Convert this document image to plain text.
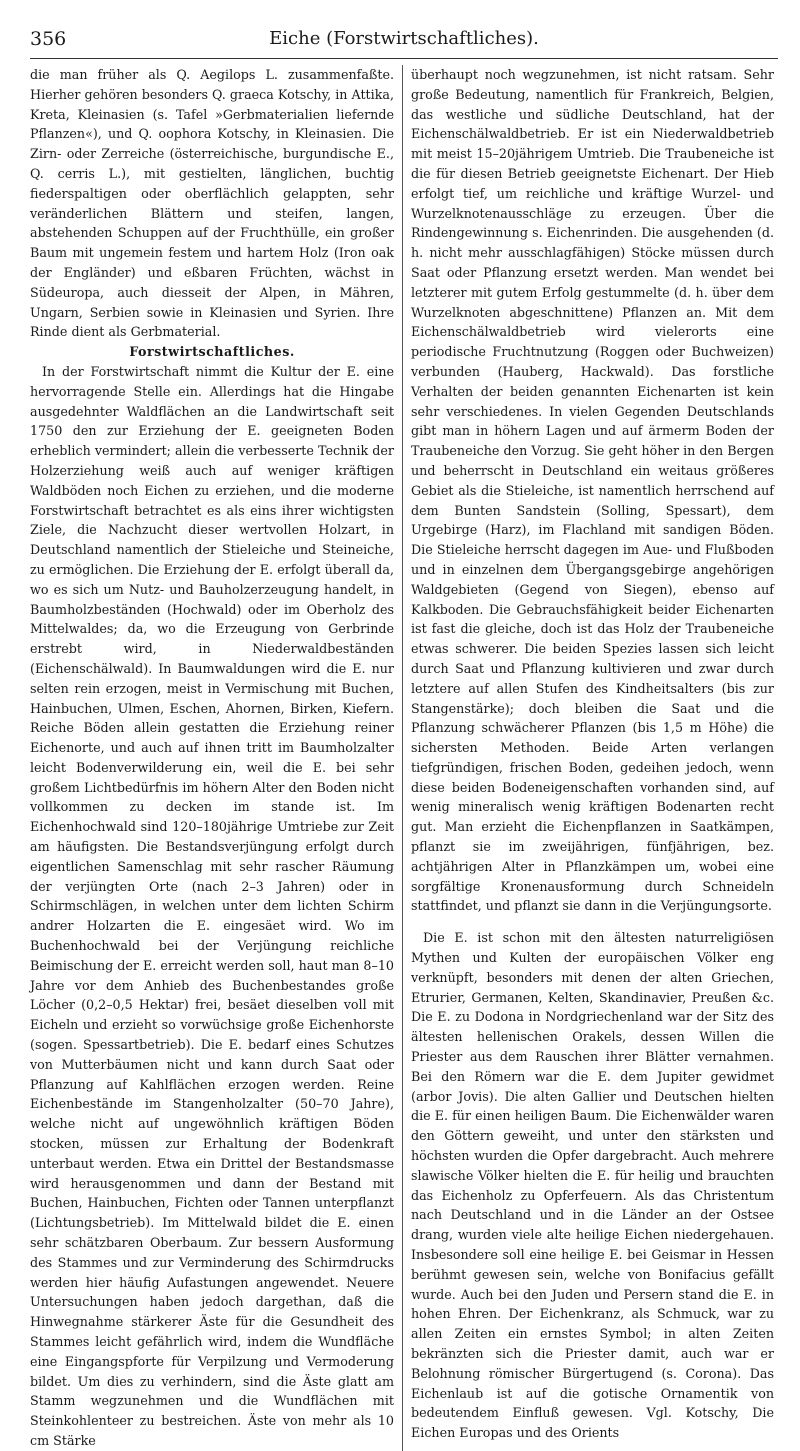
356	Eiche (Forstwirtschaftliches).

die man früher als Q. Aegilops L. zusammenfaßte. Hierher gehören besonders Q. graeca Kotschy, in Attika, Kreta, Kleinasien (s. Tafel »Gerbmaterialien liefernde Pflanzen«), und Q. oophora Kotschy, in Kleinasien. Die Zirn- oder Zerreiche (österreichische, burgundische E., Q. cerris L.), mit gestielten, länglichen, buchtig fiederspaltigen oder oberflächlich gelappten, sehr veränderlichen Blättern und steifen, langen, abstehenden Schuppen auf der Fruchthülle, ein großer Baum mit ungemein festem und hartem Holz (Iron oak der Engländer) und eßbaren Früchten, wächst in Südeuropa, auch diesseit der Alpen, in Mähren, Ungarn, Serbien sowie in Kleinasien und Syrien. Ihre Rinde dient als Gerbmaterial.

Forstwirtschaftliches.

In der Forstwirtschaft nimmt die Kultur der E. eine hervorragende Stelle ein. Allerdings hat die Hingabe ausgedehnter Waldflächen an die Landwirtschaft seit 1750 den zur Erziehung der E. geeigneten Boden erheblich vermindert; allein die verbesserte Technik der Holzerziehung weiß auch auf weniger kräftigen Waldböden noch Eichen zu erziehen, und die moderne Forstwirtschaft betrachtet es als eins ihrer wichtigsten Ziele, die Nachzucht dieser wertvollen Holzart, in Deutschland namentlich der Stieleiche und Steineiche, zu ermöglichen. Die Erziehung der E. erfolgt überall da, wo es sich um Nutz- und Bauholzerzeugung handelt, in Baumholzbeständen (Hochwald) oder im Oberholz des Mittelwaldes; da, wo die Erzeugung von Gerbrinde erstrebt wird, in Niederwaldbeständen (Eichenschälwald). In Baumwaldungen wird die E. nur selten rein erzogen, meist in Vermischung mit Buchen, Hainbuchen, Ulmen, Eschen, Ahornen, Birken, Kiefern. Reiche Böden allein gestatten die Erziehung reiner Eichenorte, und auch auf ihnen tritt im Baumholzalter leicht Bodenverwilderung ein, weil die E. bei sehr großem Lichtbedürfnis im höhern Alter den Boden nicht vollkommen zu decken im stande ist. Im Eichenhochwald sind 120–180jährige Umtriebe zur Zeit am häufigsten. Die Bestandsverjüngung erfolgt durch eigentlichen Samenschlag mit sehr rascher Räumung der verjüngten Orte (nach 2–3 Jahren) oder in Schirmschlägen, in welchen unter dem lichten Schirm andrer Holzarten die E. eingesäet wird. Wo im Buchenhochwald bei der Verjüngung reichliche Beimischung der E. erreicht werden soll, haut man 8–10 Jahre vor dem Anhieb des Buchenbestandes große Löcher (0,2–0,5 Hektar) frei, besäet dieselben voll mit Eicheln und erzieht so vorwüchsige große Eichenhorste (sogen. Spessartbetrieb). Die E. bedarf eines Schutzes von Mutterbäumen nicht und kann durch Saat oder Pflanzung auf Kahlflächen erzogen werden. Reine Eichenbestände im Stangenholzalter (50–70 Jahre), welche nicht auf ungewöhnlich kräftigen Böden stocken, müssen zur Erhaltung der Bodenkraft unterbaut werden. Etwa ein Drittel der Bestandsmasse wird herausgenommen und dann der Bestand mit Buchen, Hainbuchen, Fichten oder Tannen unterpflanzt (Lichtungsbetrieb). Im Mittelwald bildet die E. einen sehr schätzbaren Oberbaum. Zur bessern Ausformung des Stammes und zur Verminderung des Schirmdrucks werden hier häufig Aufastungen angewendet. Neuere Untersuchungen haben jedoch dargethan, daß die Hinwegnahme stärkerer Äste für die Gesundheit des Stammes leicht gefährlich wird, indem die Wundfläche eine Eingangspforte für Verpilzung und Vermoderung bildet. Um dies zu verhindern, sind die Äste glatt am Stamm wegzunehmen und die Wundflächen mit Steinkohlenteer zu bestreichen. Äste von mehr als 10 cm Stärke

überhaupt noch wegzunehmen, ist nicht ratsam. Sehr große Bedeutung, namentlich für Frankreich, Belgien, das westliche und südliche Deutschland, hat der Eichenschälwaldbetrieb. Er ist ein Niederwaldbetrieb mit meist 15–20jährigem Umtrieb. Die Traubeneiche ist die für diesen Betrieb geeignetste Eichenart. Der Hieb erfolgt tief, um reichliche und kräftige Wurzel- und Wurzelknotenausschläge zu erzeugen. Über die Rindengewinnung s. Eichenrinden. Die ausgehenden (d. h. nicht mehr ausschlagfähigen) Stöcke müssen durch Saat oder Pflanzung ersetzt werden. Man wendet bei letzterer mit gutem Erfolg gestummelte (d. h. über dem Wurzelknoten abgeschnittene) Pflanzen an. Mit dem Eichenschälwaldbetrieb wird vielerorts eine periodische Fruchtnutzung (Roggen oder Buchweizen) verbunden (Hauberg, Hackwald). Das forstliche Verhalten der beiden genannten Eichenarten ist kein sehr verschiedenes. In vielen Gegenden Deutschlands gibt man in höhern Lagen und auf ärmerm Boden der Traubeneiche den Vorzug. Sie geht höher in den Bergen und beherrscht in Deutschland ein weitaus größeres Gebiet als die Stieleiche, ist namentlich herrschend auf dem Bunten Sandstein (Solling, Spessart), dem Urgebirge (Harz), im Flachland mit sandigen Böden. Die Stieleiche herrscht dagegen im Aue- und Flußboden und in einzelnen dem Übergangsgebirge angehörigen Waldgebieten (Gegend von Siegen), ebenso auf Kalkboden. Die Gebrauchsfähigkeit beider Eichenarten ist fast die gleiche, doch ist das Holz der Traubeneiche etwas schwerer. Die beiden Spezies lassen sich leicht durch Saat und Pflanzung kultivieren und zwar durch letztere auf allen Stufen des Kindheitsalters (bis zur Stangenstärke); doch bleiben die Saat und die Pflanzung schwächerer Pflanzen (bis 1,5 m Höhe) die sichersten Methoden. Beide Arten verlangen tiefgründigen, frischen Boden, gedeihen jedoch, wenn diese beiden Bodeneigenschaften vorhanden sind, auf wenig mineralisch wenig kräftigen Bodenarten recht gut. Man erzieht die Eichenpflanzen in Saatkämpen, pflanzt sie im zweijährigen, fünfjährigen, bez. achtjährigen Alter in Pflanzkämpen um, wobei eine sorgfältige Kronenausformung durch Schneideln stattfindet, und pflanzt sie dann in die Verjüngungsorte.

Die E. ist schon mit den ältesten naturreligiösen Mythen und Kulten der europäischen Völker eng verknüpft, besonders mit denen der alten Griechen, Etrurier, Germanen, Kelten, Skandinavier, Preußen &c. Die E. zu Dodona in Nordgriechenland war der Sitz des ältesten hellenischen Orakels, dessen Willen die Priester aus dem Rauschen ihrer Blätter vernahmen. Bei den Römern war die E. dem Jupiter gewidmet (arbor Jovis). Die alten Gallier und Deutschen hielten die E. für einen heiligen Baum. Die Eichenwälder waren den Göttern geweiht, und unter den stärksten und höchsten wurden die Opfer dargebracht. Auch mehrere slawische Völker hielten die E. für heilig und brauchten das Eichenholz zu Opferfeuern. Als das Christentum nach Deutschland und in die Länder an der Ostsee drang, wurden viele alte heilige Eichen niedergehauen. Insbesondere soll eine heilige E. bei Geismar in Hessen berühmt gewesen sein, welche von Bonifacius gefällt wurde. Auch bei den Juden und Persern stand die E. in hohen Ehren. Der Eichenkranz, als Schmuck, war zu allen Zeiten ein ernstes Symbol; in alten Zeiten bekränzten sich die Priester damit, auch war er Belohnung römischer Bürgertugend (s. Corona). Das Eichenlaub ist auf die gotische Ornamentik von bedeutendem Einfluß gewesen. Vgl. Kotschy, Die Eichen Europas und des Orients
